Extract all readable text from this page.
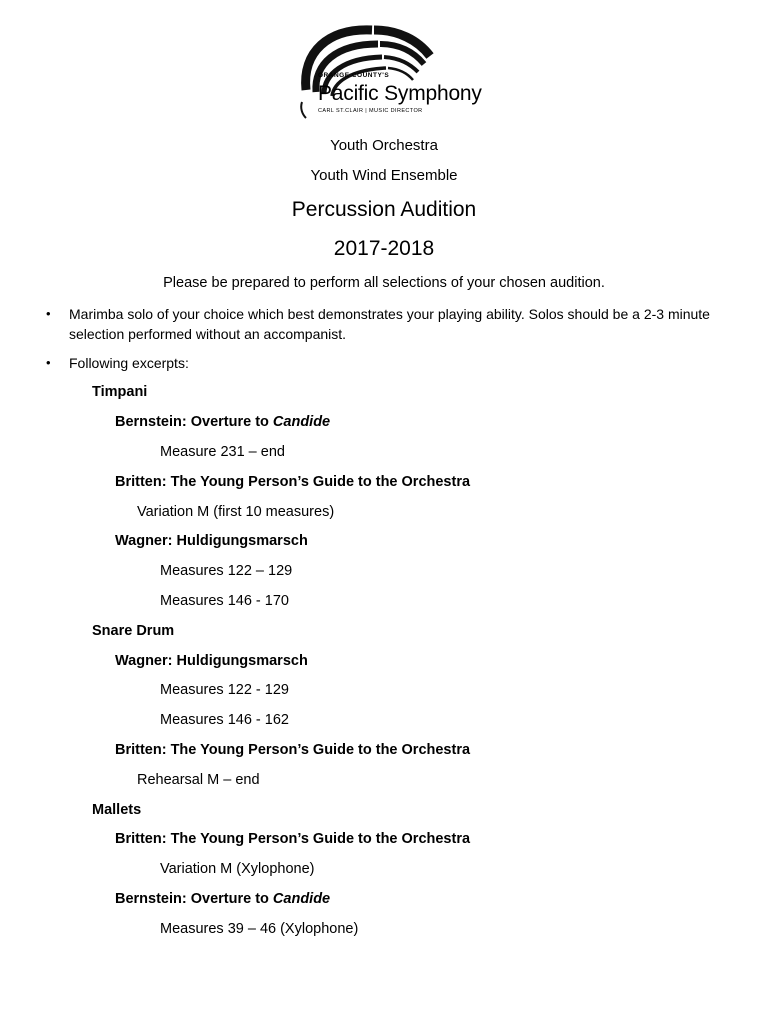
ORANGE COUNTY'S
Pacific Symphony
CARL ST.CLAIR | MUSIC DIRECTOR
Youth Orchestra
Youth Wind Ensemble
Percussion Audition
2017-2018
Please be prepared to perform all selections of your chosen audition.
• Marimba solo of your choice which best demonstrates your playing ability. Solos should be a 2-3 minute selection performed without an accompanist.
• Following excerpts:
Timpani
Bernstein: Overture to Candide
Measure 231 – end
Britten: The Young Person’s Guide to the Orchestra
Variation M (first 10 measures)
Wagner: Huldigungsmarsch
Measures 122 – 129
Measures 146 - 170
Snare Drum
Wagner: Huldigungsmarsch
Measures 122 - 129
Measures 146 - 162
Britten: The Young Person’s Guide to the Orchestra
Rehearsal M – end
Mallets
Britten: The Young Person’s Guide to the Orchestra
Variation M (Xylophone)
Bernstein: Overture to Candide
Measures 39 – 46 (Xylophone)
